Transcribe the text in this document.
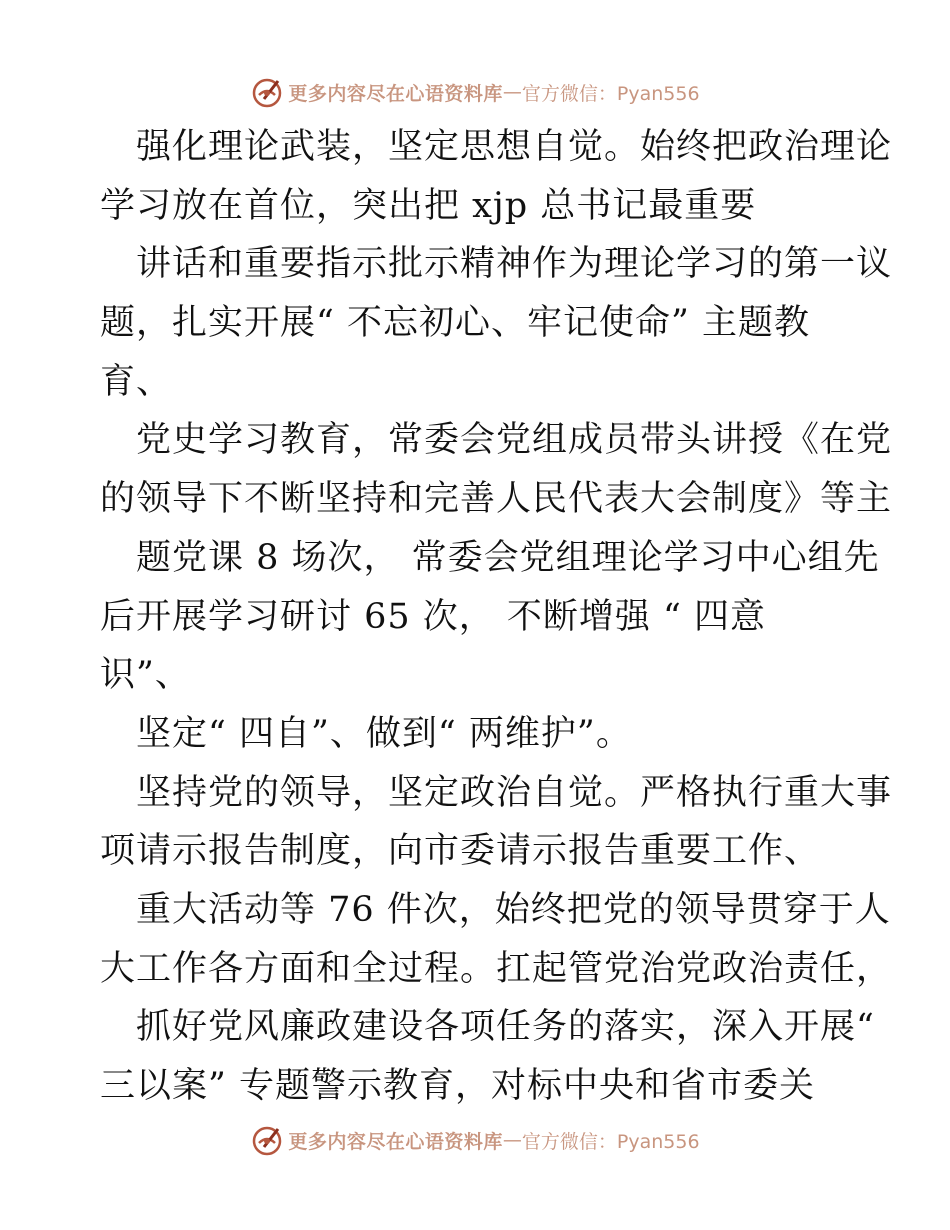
更多内容尽在心语资料库 — 官方微信：Pyan556
强化理论武装，坚定思想自觉。始终把政治理论
学习放在首位，突出把 xjp 总书记最重要
讲话和重要指示批示精神作为理论学习的第一议
题，扎实开展“ 不忘初心、牢记使命” 主题教
育、
党史学习教育，常委会党组成员带头讲授《在党
的领导下不断坚持和完善人民代表大会制度》等主
题党课 8 场次， 常委会党组理论学习中心组先
后开展学习研讨 65 次， 不断增强 “ 四意
识”、
坚定“ 四自”、做到“ 两维护”。
坚持党的领导，坚定政治自觉。严格执行重大事
项请示报告制度，向市委请示报告重要工作、
重大活动等 76 件次，始终把党的领导贯穿于人
大工作各方面和全过程。扛起管党治党政治责任，
抓好党风廉政建设各项任务的落实，深入开展“
三以案” 专题警示教育，对标中央和省市委关
更多内容尽在心语资料库 — 官方微信：Pyan556
